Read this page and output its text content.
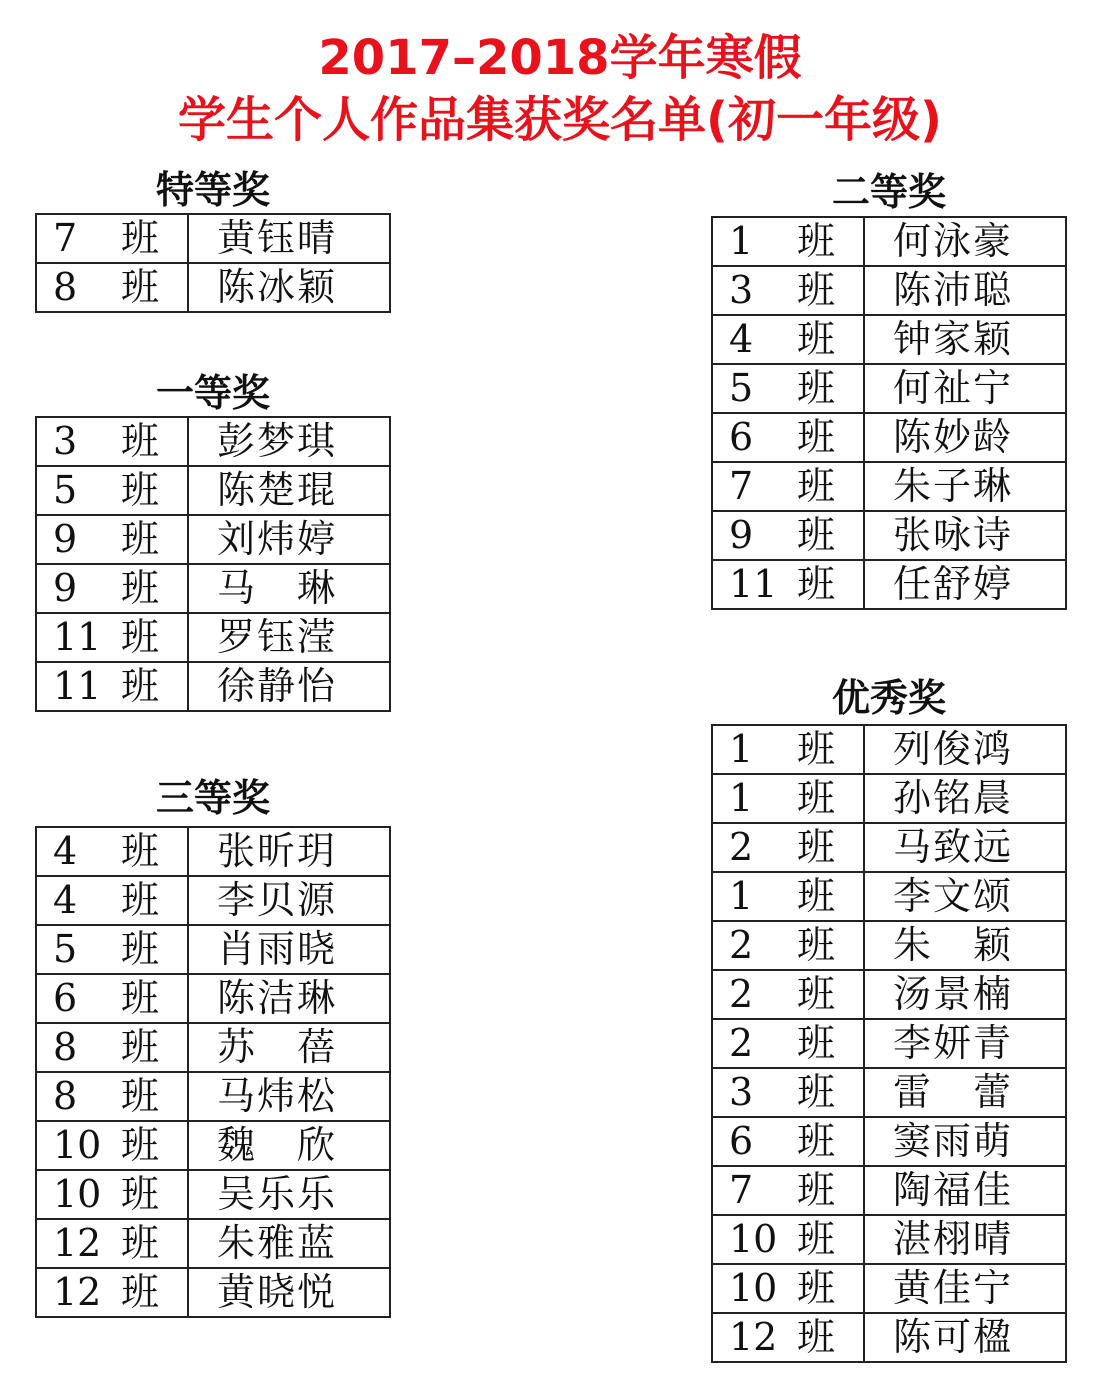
2017–2018学年寒假
学生个人作品集获奖名单(初一年级)
特等奖
7 班	黄钰晴
8 班	陈冰颖
一等奖
3 班	彭梦琪
5 班	陈楚琨
9 班	刘炜婷
9 班	马　琳
11 班	罗钰滢
11 班	徐静怡
三等奖
4 班	张昕玥
4 班	李贝源
5 班	肖雨晓
6 班	陈洁琳
8 班	苏　蓓
8 班	马炜松
10 班	魏　欣
10 班	吴乐乐
12 班	朱雅蓝
12 班	黄晓悦
二等奖
1 班	何泳豪
3 班	陈沛聪
4 班	钟家颖
5 班	何祉宁
6 班	陈妙龄
7 班	朱子琳
9 班	张咏诗
11 班	任舒婷
优秀奖
1 班	列俊鸿
1 班	孙铭晨
2 班	马致远
1 班	李文颂
2 班	朱　颖
2 班	汤景楠
2 班	李妍青
3 班	雷　蕾
6 班	窦雨萌
7 班	陶福佳
10 班	湛栩晴
10 班	黄佳宁
12 班	陈可楹
